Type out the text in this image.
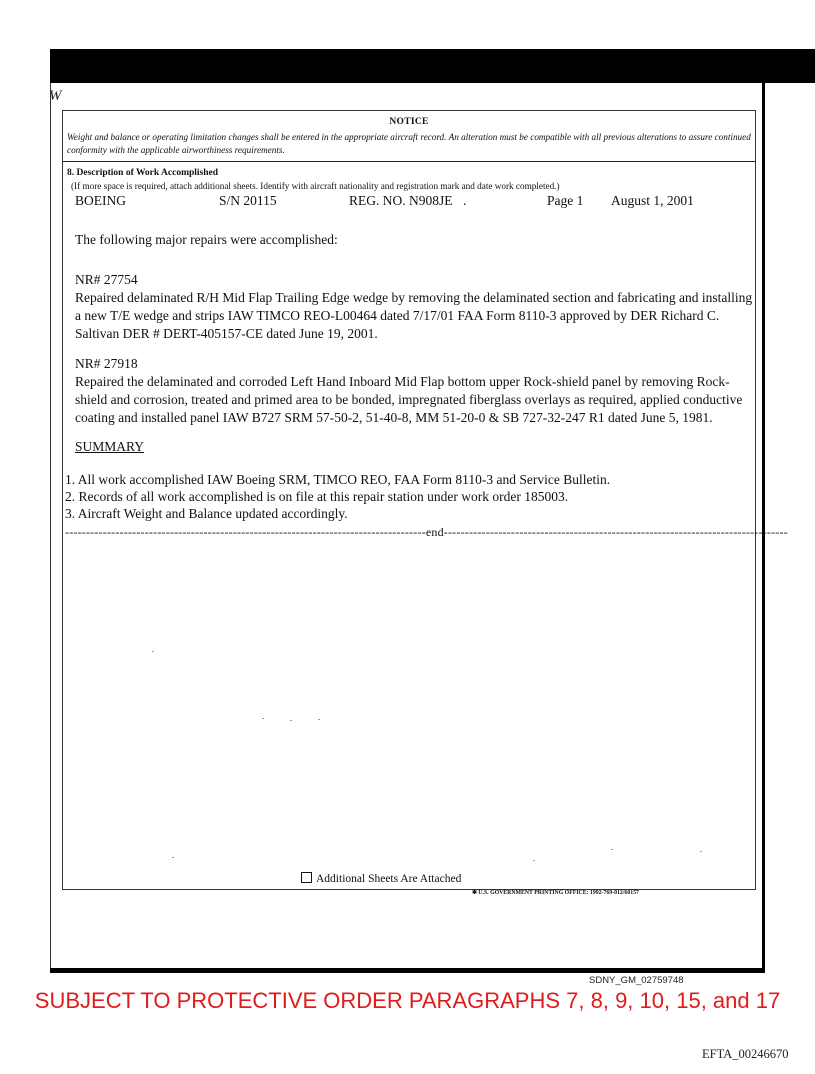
W
NOTICE
Weight and balance or operating limitation changes shall be entered in the appropriate aircraft record. An alteration must be compatible with all previous alterations to assure continued conformity with the applicable airworthiness requirements.
8. Description of Work Accomplished
(If more space is required, attach additional sheets. Identify with aircraft nationality and registration mark and date work completed.)
BOEING	S/N 20115	REG. NO. N908JE .	Page 1 August 1, 2001
The following major repairs were accomplished:
NR# 27754
Repaired delaminated R/H Mid Flap Trailing Edge wedge by removing the delaminated section and fabricating and installing a new T/E wedge and strips IAW TIMCO REO-L00464 dated 7/17/01 FAA Form 8110-3 approved by DER Richard C. Saltivan DER # DERT-405157-CE dated June 19, 2001.
NR# 27918
Repaired the delaminated and corroded Left Hand Inboard Mid Flap bottom upper Rock-shield panel by removing Rock-shield and corrosion, treated and primed area to be bonded, impregnated fiberglass overlays as required, applied conductive coating and installed panel IAW B727 SRM 57-50-2, 51-40-8, MM 51-20-0 & SB 727-32-247 R1 dated June 5, 1981.
SUMMARY
1. All work accomplished IAW Boeing SRM, TIMCO REO, FAA Form 8110-3 and Service Bulletin.
2. Records of all work accomplished is on file at this repair station under work order 185003.
3. Aircraft Weight and Balance updated accordingly.
--------------------------------------------------------------------------------------end----------------------------------------------------------------------------------
Additional Sheets Are Attached
✱ U.S. GOVERNMENT PRINTING OFFICE: 1992-769-012/60157
SDNY_GM_02759748
SUBJECT TO PROTECTIVE ORDER PARAGRAPHS 7, 8, 9, 10, 15, and 17
EFTA_00246670
